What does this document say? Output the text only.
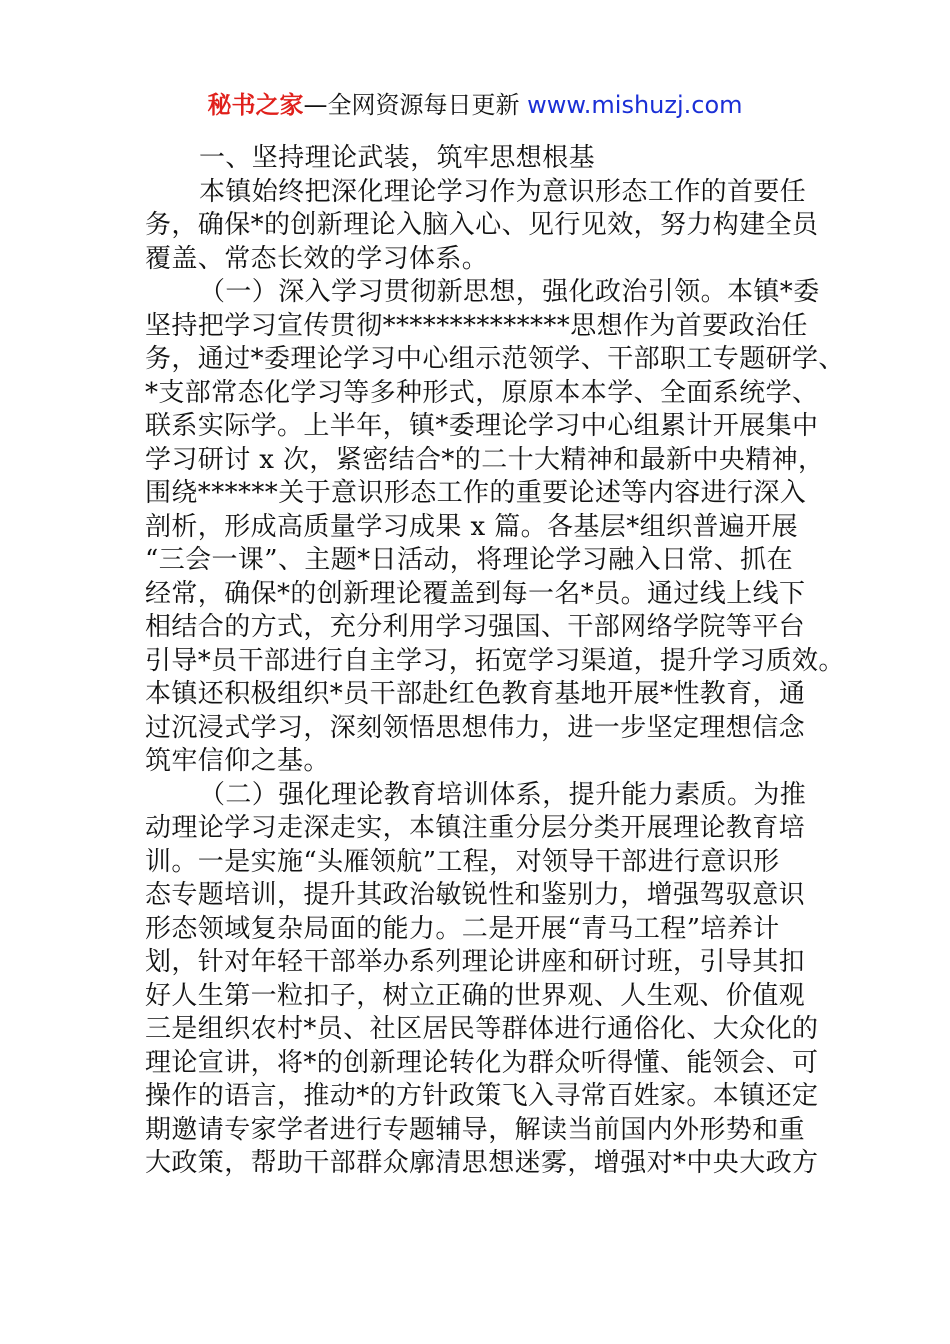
秘书之家—全网资源每日更新 www.mishuzj.com
一、坚持理论武装，筑牢思想根基
本镇始终把深化理论学习作为意识形态工作的首要任
务，确保*的创新理论入脑入心、见行见效，努力构建全员
覆盖、常态长效的学习体系。
（一）深入学习贯彻新思想，强化政治引领。本镇*委
坚持把学习宣传贯彻**************思想作为首要政治任
务，通过*委理论学习中心组示范领学、干部职工专题研学、
*支部常态化学习等多种形式，原原本本学、全面系统学、
联系实际学。上半年，镇*委理论学习中心组累计开展集中
学习研讨 x 次，紧密结合*的二十大精神和最新中央精神，
围绕******关于意识形态工作的重要论述等内容进行深入
剖析，形成高质量学习成果 x 篇。各基层*组织普遍开展
“三会一课”、主题*日活动，将理论学习融入日常、抓在
经常，确保*的创新理论覆盖到每一名*员。通过线上线下
相结合的方式，充分利用学习强国、干部网络学院等平台
引导*员干部进行自主学习，拓宽学习渠道，提升学习质效。
本镇还积极组织*员干部赴红色教育基地开展*性教育，通
过沉浸式学习，深刻领悟思想伟力，进一步坚定理想信念
筑牢信仰之基。
（二）强化理论教育培训体系，提升能力素质。为推
动理论学习走深走实，本镇注重分层分类开展理论教育培
训。一是实施“头雁领航”工程，对领导干部进行意识形
态专题培训，提升其政治敏锐性和鉴别力，增强驾驭意识
形态领域复杂局面的能力。二是开展“青马工程”培养计
划，针对年轻干部举办系列理论讲座和研讨班，引导其扣
好人生第一粒扣子，树立正确的世界观、人生观、价值观
三是组织农村*员、社区居民等群体进行通俗化、大众化的
理论宣讲，将*的创新理论转化为群众听得懂、能领会、可
操作的语言，推动*的方针政策飞入寻常百姓家。本镇还定
期邀请专家学者进行专题辅导，解读当前国内外形势和重
大政策，帮助干部群众廓清思想迷雾，增强对*中央大政方
